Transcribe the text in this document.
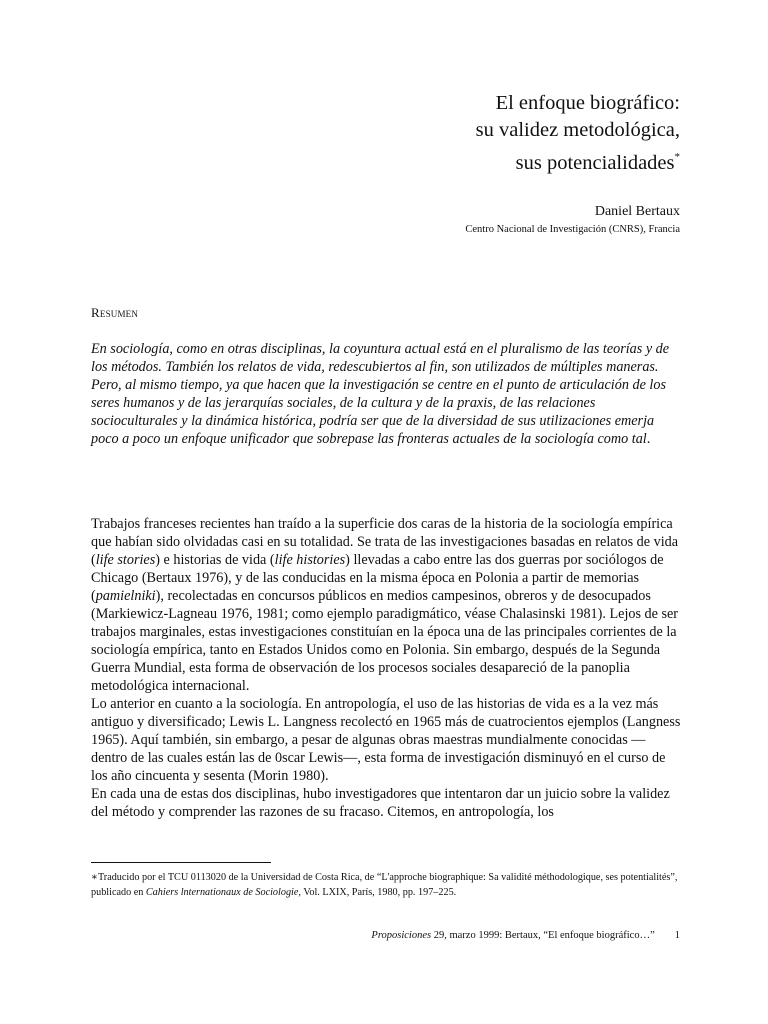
El enfoque biográfico:
su validez metodológica,
sus potencialidades*
Daniel Bertaux
Centro Nacional de Investigación (CNRS), Francia
Resumen
En sociología, como en otras disciplinas, la coyuntura actual está en el pluralismo de las teorías y de los métodos. También los relatos de vida, redescubiertos al fin, son utilizados de múltiples maneras. Pero, al mismo tiempo, ya que hacen que la investigación se centre en el punto de articulación de los seres humanos y de las jerarquías sociales, de la cultura y de la praxis, de las relaciones socioculturales y la dinámica histórica, podría ser que de la diversidad de sus utilizaciones emerja poco a poco un enfoque unificador que sobrepase las fronteras actuales de la sociología como tal.

Trabajos franceses recientes han traído a la superficie dos caras de la historia de la sociología empírica que habían sido olvidadas casi en su totalidad. Se trata de las investigaciones basadas en relatos de vida (life stories) e historias de vida (life histories) llevadas a cabo entre las dos guerras por sociólogos de Chicago (Bertaux 1976), y de las conducidas en la misma época en Polonia a partir de memorias (pamielniki), recolectadas en concursos públicos en medios campesinos, obreros y de desocupados (Markiewicz-Lagneau 1976, 1981; como ejemplo paradigmático, véase Chalasinski 1981). Lejos de ser trabajos marginales, estas investigaciones constituían en la época una de las principales corrientes de la sociología empírica, tanto en Estados Unidos como en Polonia. Sin embargo, después de la Segunda Guerra Mundial, esta forma de observación de los procesos sociales desapareció de la panoplia metodológica internacional.

Lo anterior en cuanto a la sociología. En antropología, el uso de las historias de vida es a la vez más antiguo y diversificado; Lewis L. Langness recolectó en 1965 más de cuatrocientos ejemplos (Langness 1965). Aquí también, sin embargo, a pesar de algunas obras maestras mundialmente conocidas —dentro de las cuales están las de 0scar Lewis—, esta forma de investigación disminuyó en el curso de los año cincuenta y sesenta (Morin 1980).

En cada una de estas dos disciplinas, hubo investigadores que intentaron dar un juicio sobre la validez del método y comprender las razones de su fracaso. Citemos, en antropología, los

∗Traducido por el TCU 0113020 de la Universidad de Costa Rica, de “L'approche biographique: Sa validité méthodologique, ses potentialités”, publicado en Cahiers lnternationaux de Sociologie, Vol. LXIX, París, 1980, pp. 197–225.
Proposiciones 29, marzo 1999: Bertaux, “El enfoque biográfico…” 1
